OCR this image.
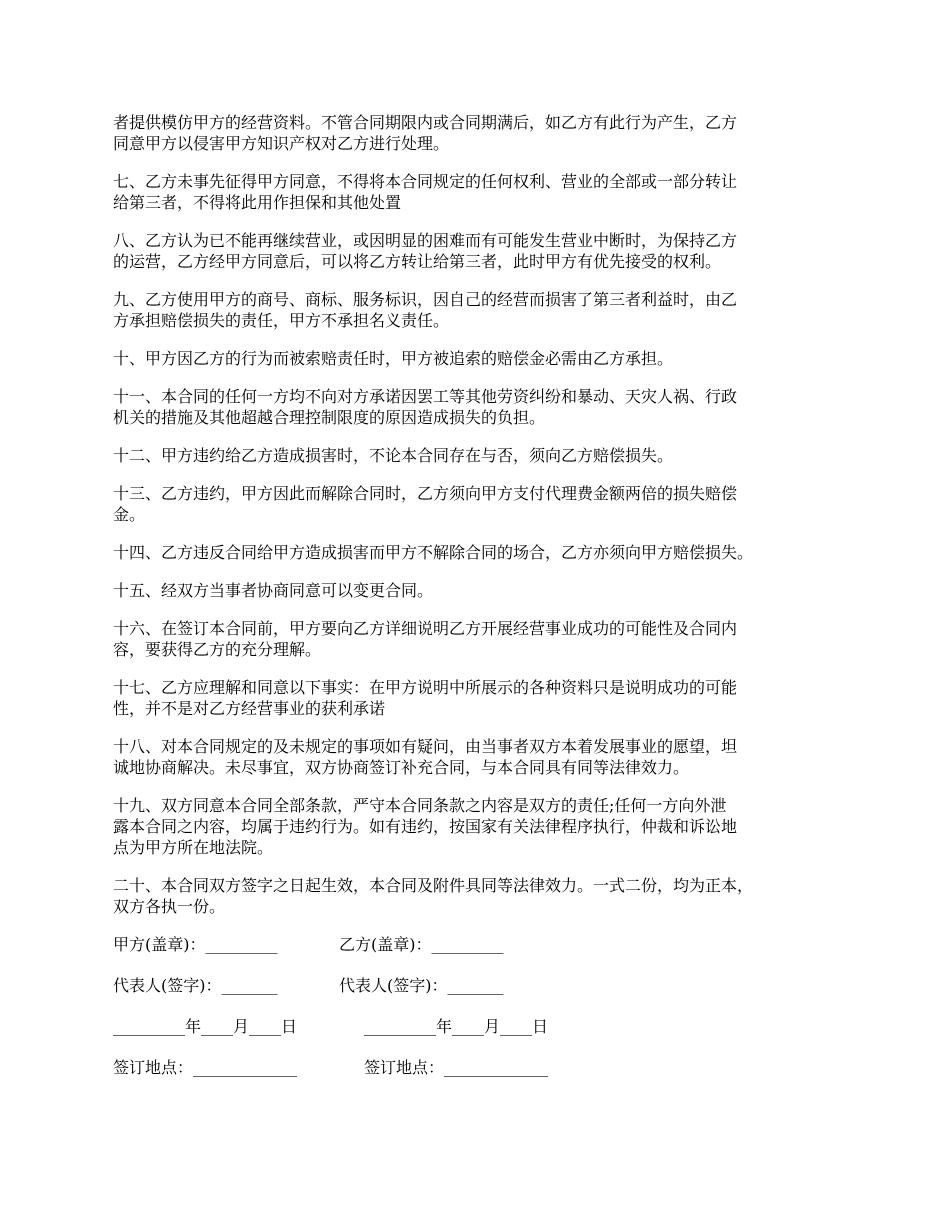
者提供模仿甲方的经营资料。不管合同期限内或合同期满后，如乙方有此行为产生，乙方
同意甲方以侵害甲方知识产权对乙方进行处理。

七、乙方未事先征得甲方同意，不得将本合同规定的任何权利、营业的全部或一部分转让
给第三者，不得将此用作担保和其他处置

八、乙方认为已不能再继续营业，或因明显的困难而有可能发生营业中断时，为保持乙方
的运营，乙方经甲方同意后，可以将乙方转让给第三者，此时甲方有优先接受的权利。

九、乙方使用甲方的商号、商标、服务标识，因自己的经营而损害了第三者利益时，由乙
方承担赔偿损失的责任，甲方不承担名义责任。

十、甲方因乙方的行为而被索赔责任时，甲方被追索的赔偿金必需由乙方承担。

十一、本合同的任何一方均不向对方承诺因罢工等其他劳资纠纷和暴动、天灾人祸、行政
机关的措施及其他超越合理控制限度的原因造成损失的负担。

十二、甲方违约给乙方造成损害时，不论本合同存在与否，须向乙方赔偿损失。

十三、乙方违约，甲方因此而解除合同时，乙方须向甲方支付代理费金额两倍的损失赔偿
金。

十四、乙方违反合同给甲方造成损害而甲方不解除合同的场合，乙方亦须向甲方赔偿损失。

十五、经双方当事者协商同意可以变更合同。

十六、在签订本合同前，甲方要向乙方详细说明乙方开展经营事业成功的可能性及合同内
容，要获得乙方的充分理解。

十七、乙方应理解和同意以下事实：在甲方说明中所展示的各种资料只是说明成功的可能
性，并不是对乙方经营事业的获利承诺

十八、对本合同规定的及未规定的事项如有疑问，由当事者双方本着发展事业的愿望，坦
诚地协商解决。未尽事宜，双方协商签订补充合同，与本合同具有同等法律效力。

十九、双方同意本合同全部条款，严守本合同条款之内容是双方的责任;任何一方向外泄
露本合同之内容，均属于违约行为。如有违约，按国家有关法律程序执行，仲裁和诉讼地
点为甲方所在地法院。

二十、本合同双方签字之日起生效，本合同及附件具同等法律效力。一式二份，均为正本，
双方各执一份。

甲方(盖章)：_________	乙方(盖章)：_________
代表人(签字)：_______	代表人(签字)：_______
_________年____月____日	_________年____月____日
签订地点：_____________	签订地点：_____________
